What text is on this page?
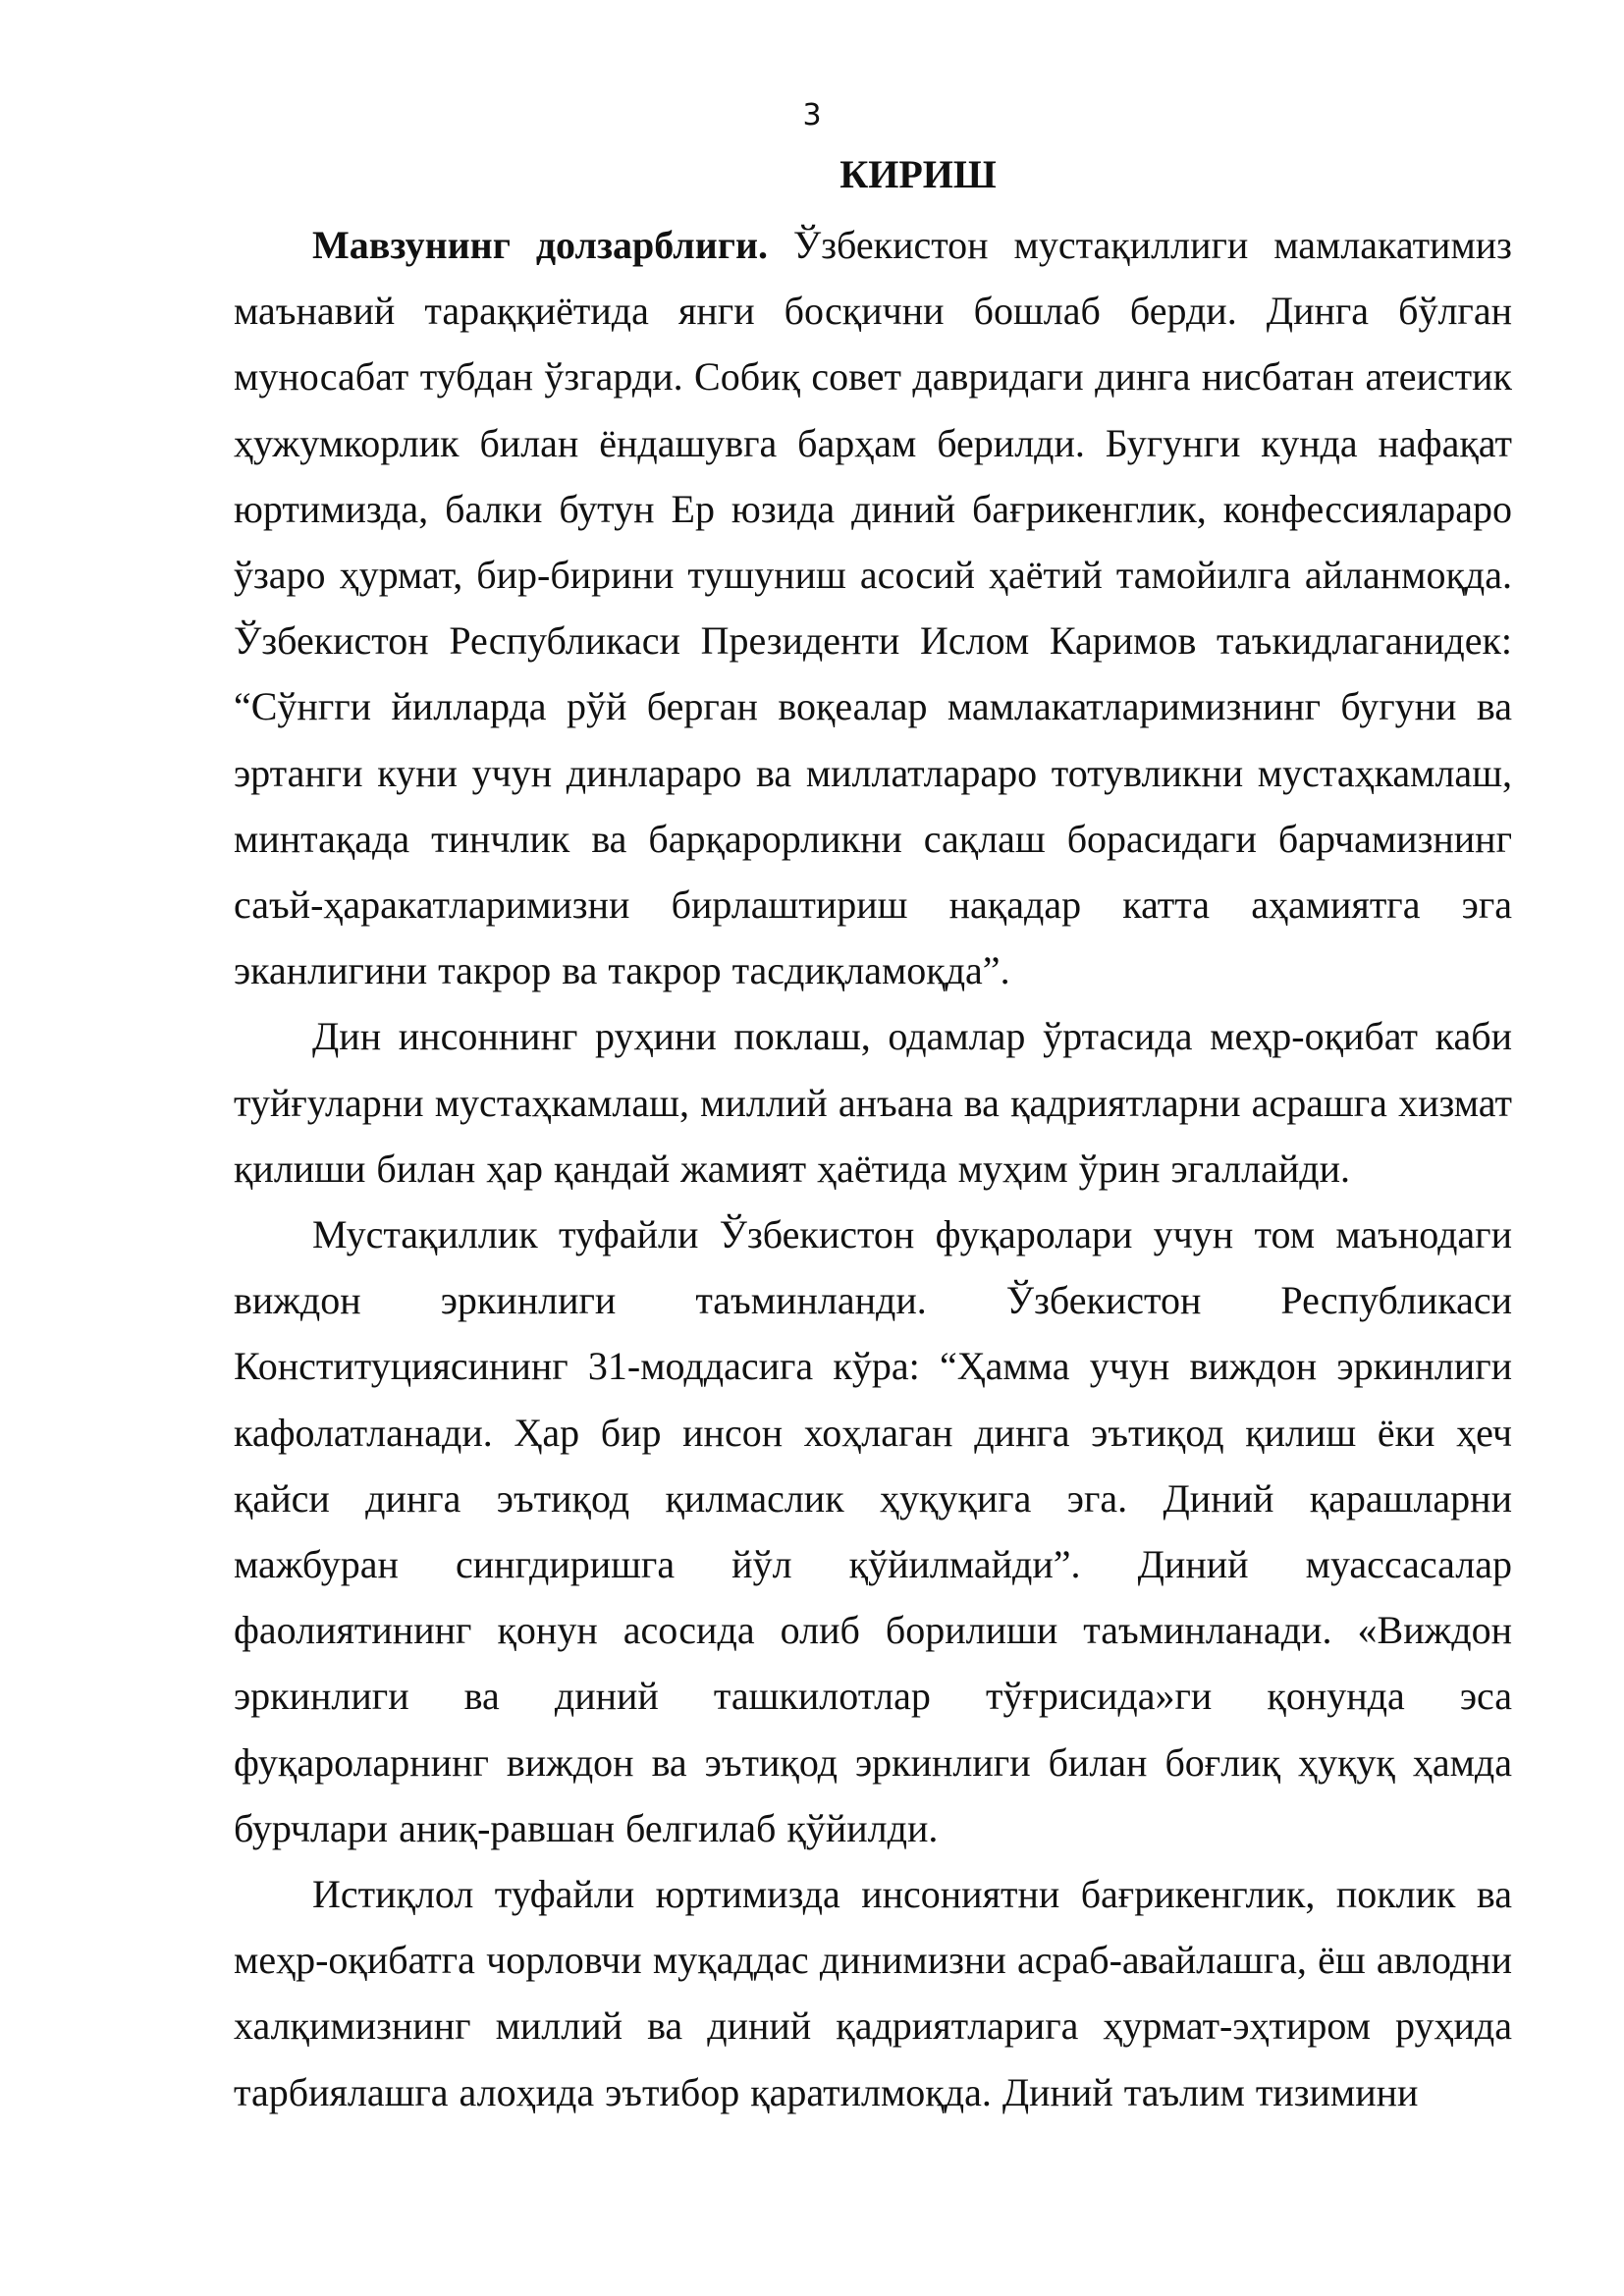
3

КИРИШ

Мавзунинг долзарблиги. Ўзбекистон мустақиллиги мамлакатимиз маънавий тараққиётида янги босқични бошлаб берди. Динга бўлган муносабат тубдан ўзгарди. Собиқ совет давридаги динга нисбатан атеистик ҳужумкорлик билан ёндашувга барҳам берилди. Бугунги кунда нафақат юртимизда, балки бутун Ер юзида диний бағрикенглик, конфессиялараро ўзаро ҳурмат, бир-бирини тушуниш асосий ҳаётий тамойилга айланмоқда. Ўзбекистон Республикаси Президенти Ислом Каримов таъкидлаганидек: “Сўнгги йилларда рўй берган воқеалар мамлакатларимизнинг бугуни ва эртанги куни учун динлараро ва миллатлараро тотувликни мустаҳкамлаш, минтақада тинчлик ва барқарорликни сақлаш борасидаги барчамизнинг саъй-ҳаракатларимизни бирлаштириш нақадар катта аҳамиятга эга эканлигини такрор ва такрор тасдиқламоқда”.

Дин инсоннинг руҳини поклаш, одамлар ўртасида меҳр-оқибат каби туйғуларни мустаҳкамлаш, миллий анъана ва қадриятларни асрашга хизмат қилиши билан ҳар қандай жамият ҳаётида муҳим ўрин эгаллайди.

Мустақиллик туфайли Ўзбекистон фуқаролари учун том маънодаги виждон эркинлиги таъминланди. Ўзбекистон Республикаси Конституциясининг 31-моддасига кўра: “Ҳамма учун виждон эркинлиги кафолатланади. Ҳар бир инсон хоҳлаган динга эътиқод қилиш ёки ҳеч қайси динга эътиқод қилмаслик ҳуқуқига эга. Диний қарашларни мажбуран сингдиришга йўл қўйилмайди”. Диний муассасалар фаолиятининг қонун асосида олиб борилиши таъминланади. «Виждон эркинлиги ва диний ташкилотлар тўғрисида»ги қонунда эса фуқароларнинг виждон ва эътиқод эркинлиги билан боғлиқ ҳуқуқ ҳамда бурчлари аниқ-равшан белгилаб қўйилди.

Истиқлол туфайли юртимизда инсониятни бағрикенглик, поклик ва меҳр-оқибатга чорловчи муқаддас динимизни асраб-авайлашга, ёш авлодни халқимизнинг миллий ва диний қадриятларига ҳурмат-эҳтиром руҳида тарбиялашга алоҳида эътибор қаратилмоқда. Диний таълим тизимини
